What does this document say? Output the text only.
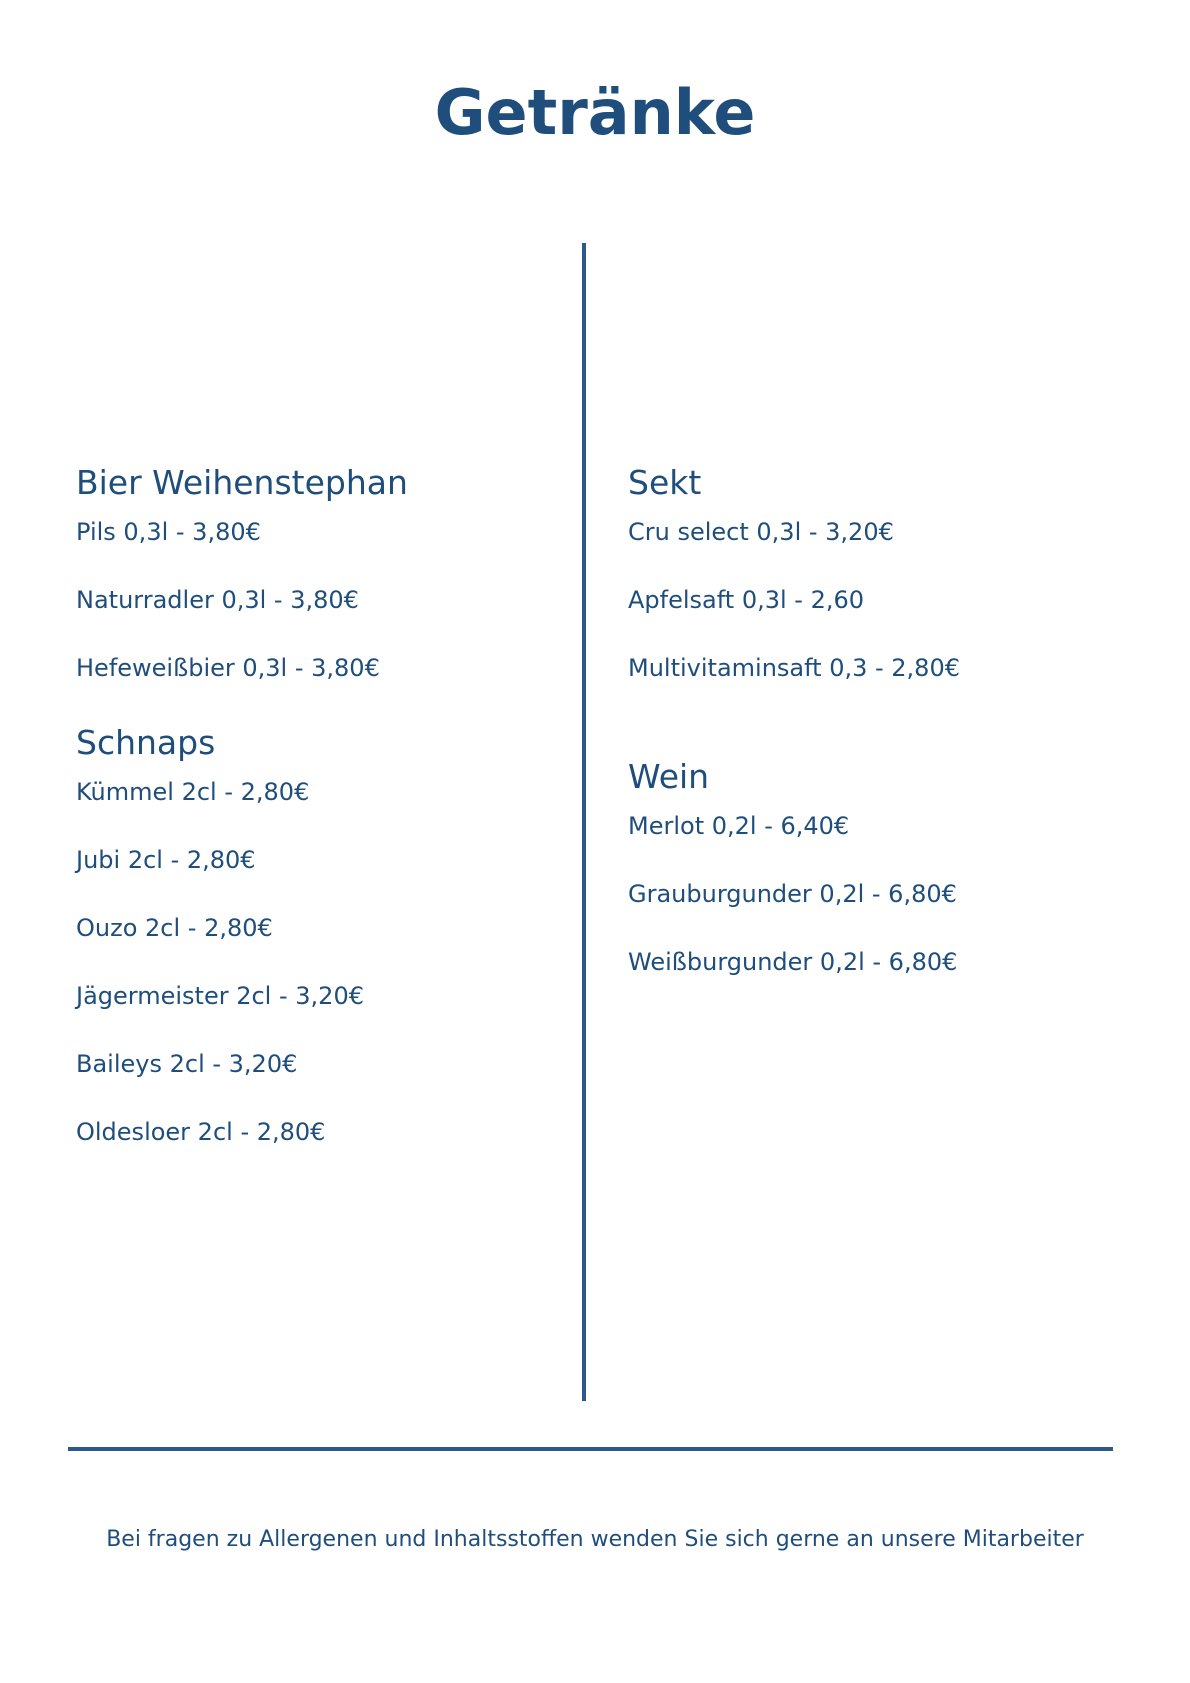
Getränke
Bier Weihenstephan
Pils 0,3l - 3,80€
Naturradler 0,3l - 3,80€
Hefeweißbier 0,3l - 3,80€
Schnaps
Kümmel 2cl - 2,80€
Jubi 2cl - 2,80€
Ouzo 2cl - 2,80€
Jägermeister 2cl - 3,20€
Baileys 2cl - 3,20€
Oldesloer 2cl - 2,80€
Sekt
Cru select 0,3l - 3,20€
Apfelsaft 0,3l - 2,60
Multivitaminsaft 0,3 - 2,80€
Wein
Merlot 0,2l - 6,40€
Grauburgunder 0,2l - 6,80€
Weißburgunder 0,2l - 6,80€
Bei fragen zu Allergenen und Inhaltsstoffen wenden Sie sich gerne an unsere Mitarbeiter
